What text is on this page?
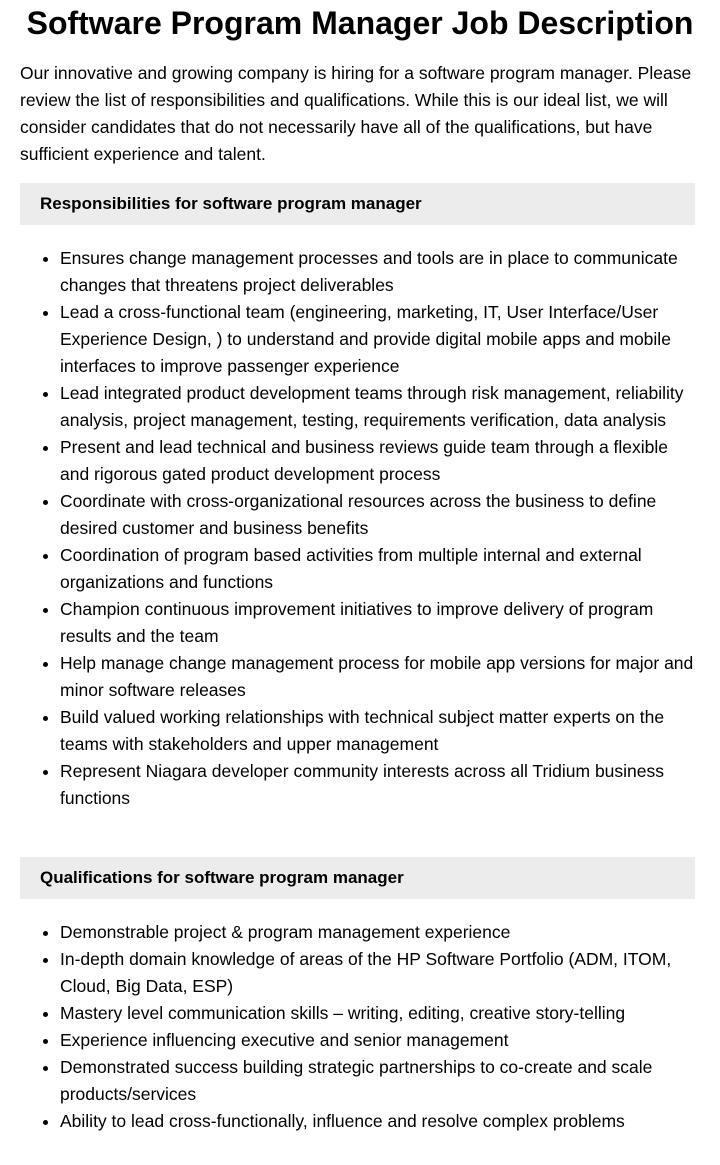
Software Program Manager Job Description

Our innovative and growing company is hiring for a software program manager. Please review the list of responsibilities and qualifications. While this is our ideal list, we will consider candidates that do not necessarily have all of the qualifications, but have sufficient experience and talent.

Responsibilities for software program manager
• Ensures change management processes and tools are in place to communicate changes that threatens project deliverables
• Lead a cross-functional team (engineering, marketing, IT, User Interface/User Experience Design, ) to understand and provide digital mobile apps and mobile interfaces to improve passenger experience
• Lead integrated product development teams through risk management, reliability analysis, project management, testing, requirements verification, data analysis
• Present and lead technical and business reviews guide team through a flexible and rigorous gated product development process
• Coordinate with cross-organizational resources across the business to define desired customer and business benefits
• Coordination of program based activities from multiple internal and external organizations and functions
• Champion continuous improvement initiatives to improve delivery of program results and the team
• Help manage change management process for mobile app versions for major and minor software releases
• Build valued working relationships with technical subject matter experts on the teams with stakeholders and upper management
• Represent Niagara developer community interests across all Tridium business functions
Qualifications for software program manager
• Demonstrable project & program management experience
• In-depth domain knowledge of areas of the HP Software Portfolio (ADM, ITOM, Cloud, Big Data, ESP)
• Mastery level communication skills – writing, editing, creative story-telling
• Experience influencing executive and senior management
• Demonstrated success building strategic partnerships to co-create and scale products/services
• Ability to lead cross-functionally, influence and resolve complex problems
